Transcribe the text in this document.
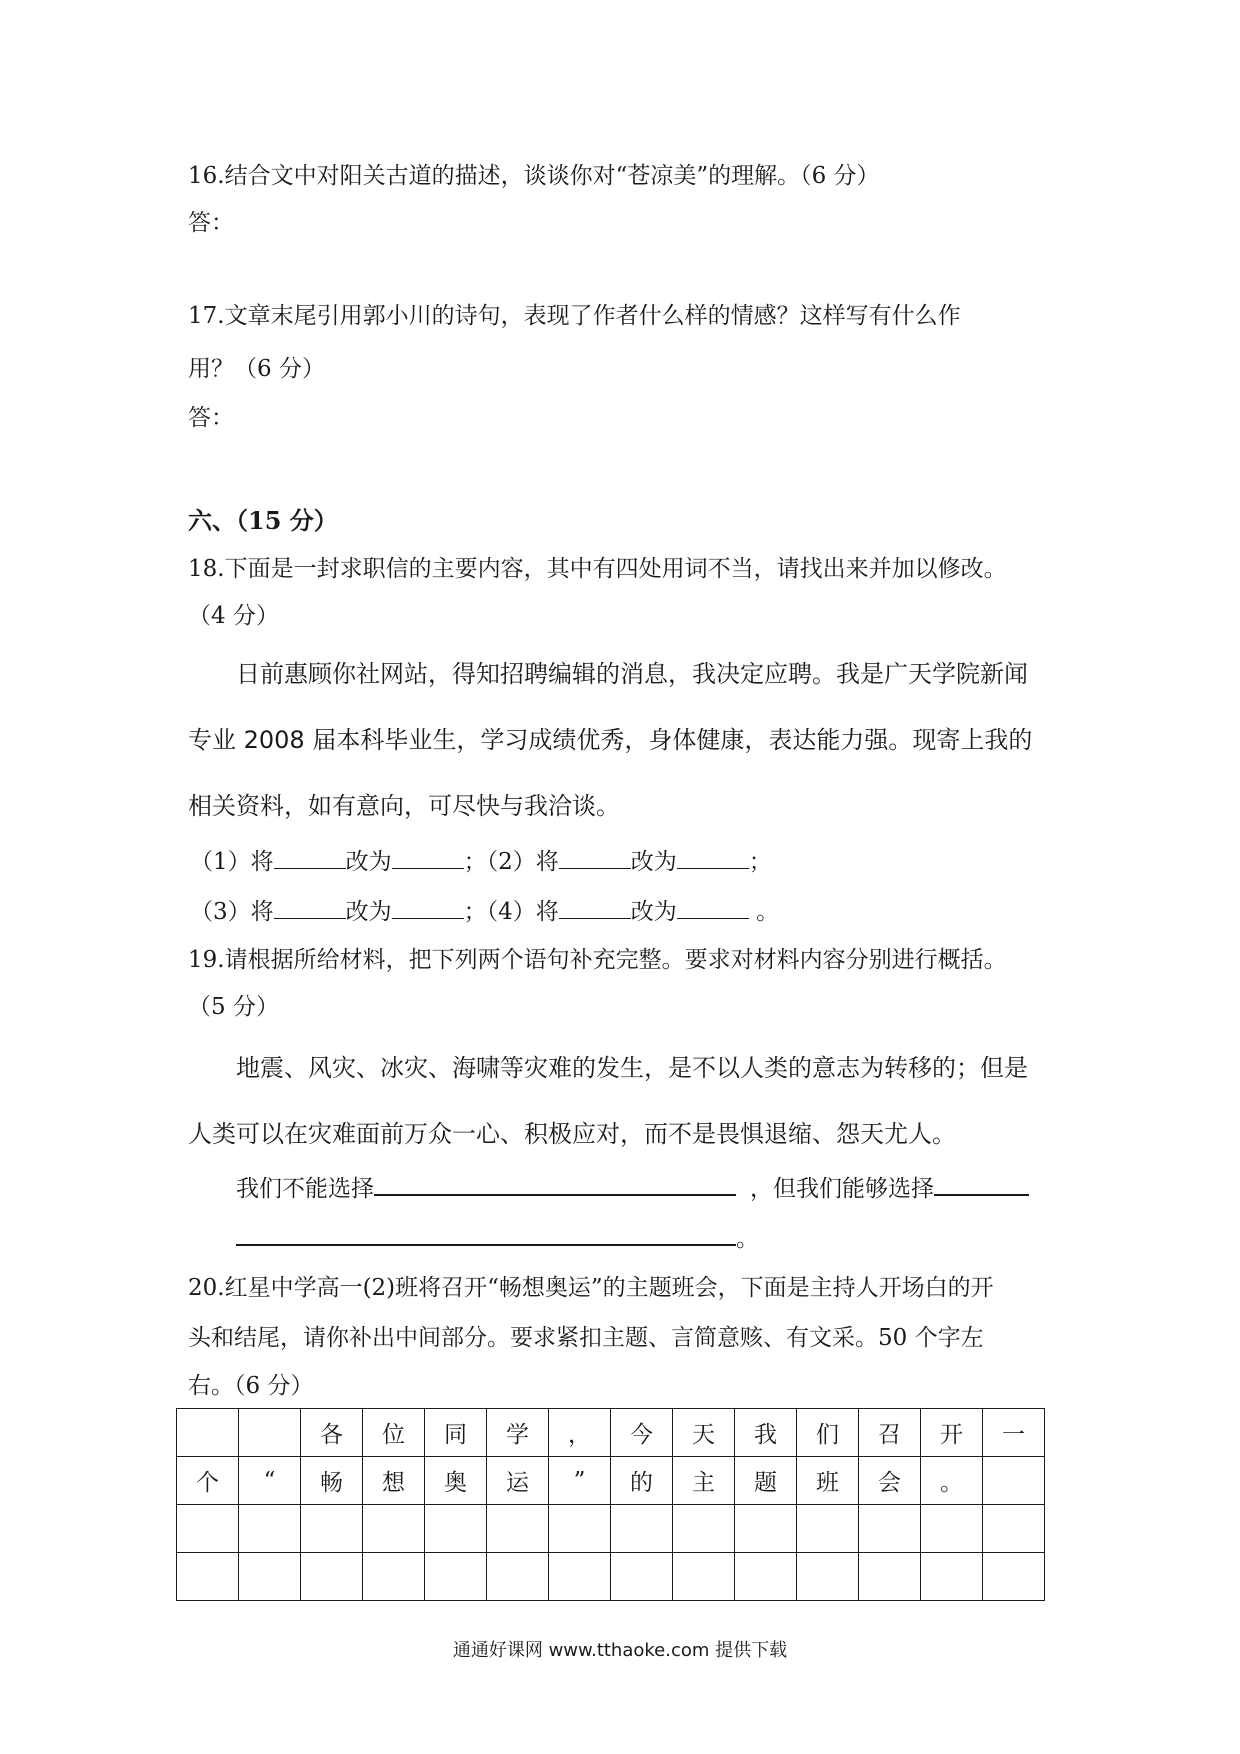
16.结合文中对阳关古道的描述，谈谈你对“苍凉美”的理解。（6 分）
答：
17.文章末尾引用郭小川的诗句，表现了作者什么样的情感？这样写有什么作
用？（6 分）
答：
六、（15 分）
18.下面是一封求职信的主要内容，其中有四处用词不当，请找出来并加以修改。
（4 分）

日前惠顾你社网站，得知招聘编辑的消息，我决定应聘。我是广天学院新闻

专业 2008 届本科毕业生，学习成绩优秀，身体健康，表达能力强。现寄上我的

相关资料，如有意向，可尽快与我洽谈。

（1）将	改为	；（2）将	改为	；
（3）将	改为	；（4）将	改为	。
19.请根据所给材料，把下列两个语句补充完整。要求对材料内容分别进行概括。
（5 分）

地震、风灾、冰灾、海啸等灾难的发生，是不以人类的意志为转移的；但是

人类可以在灾难面前万众一心、积极应对，而不是畏惧退缩、怨天尤人。

我们不能选择	，但我们能够选择
。
20.红星中学高一(2)班将召开“畅想奥运”的主题班会，下面是主持人开场白的开
头和结尾，请你补出中间部分。要求紧扣主题、言简意赅、有文采。50 个字左
右。（6 分）
		各	位	同	学	，	今	天	我	们	召	开	一
个	“	畅	想	奥	运	”	的	主	题	班	会	。	

通通好课网 www.tthaoke.com 提供下载
